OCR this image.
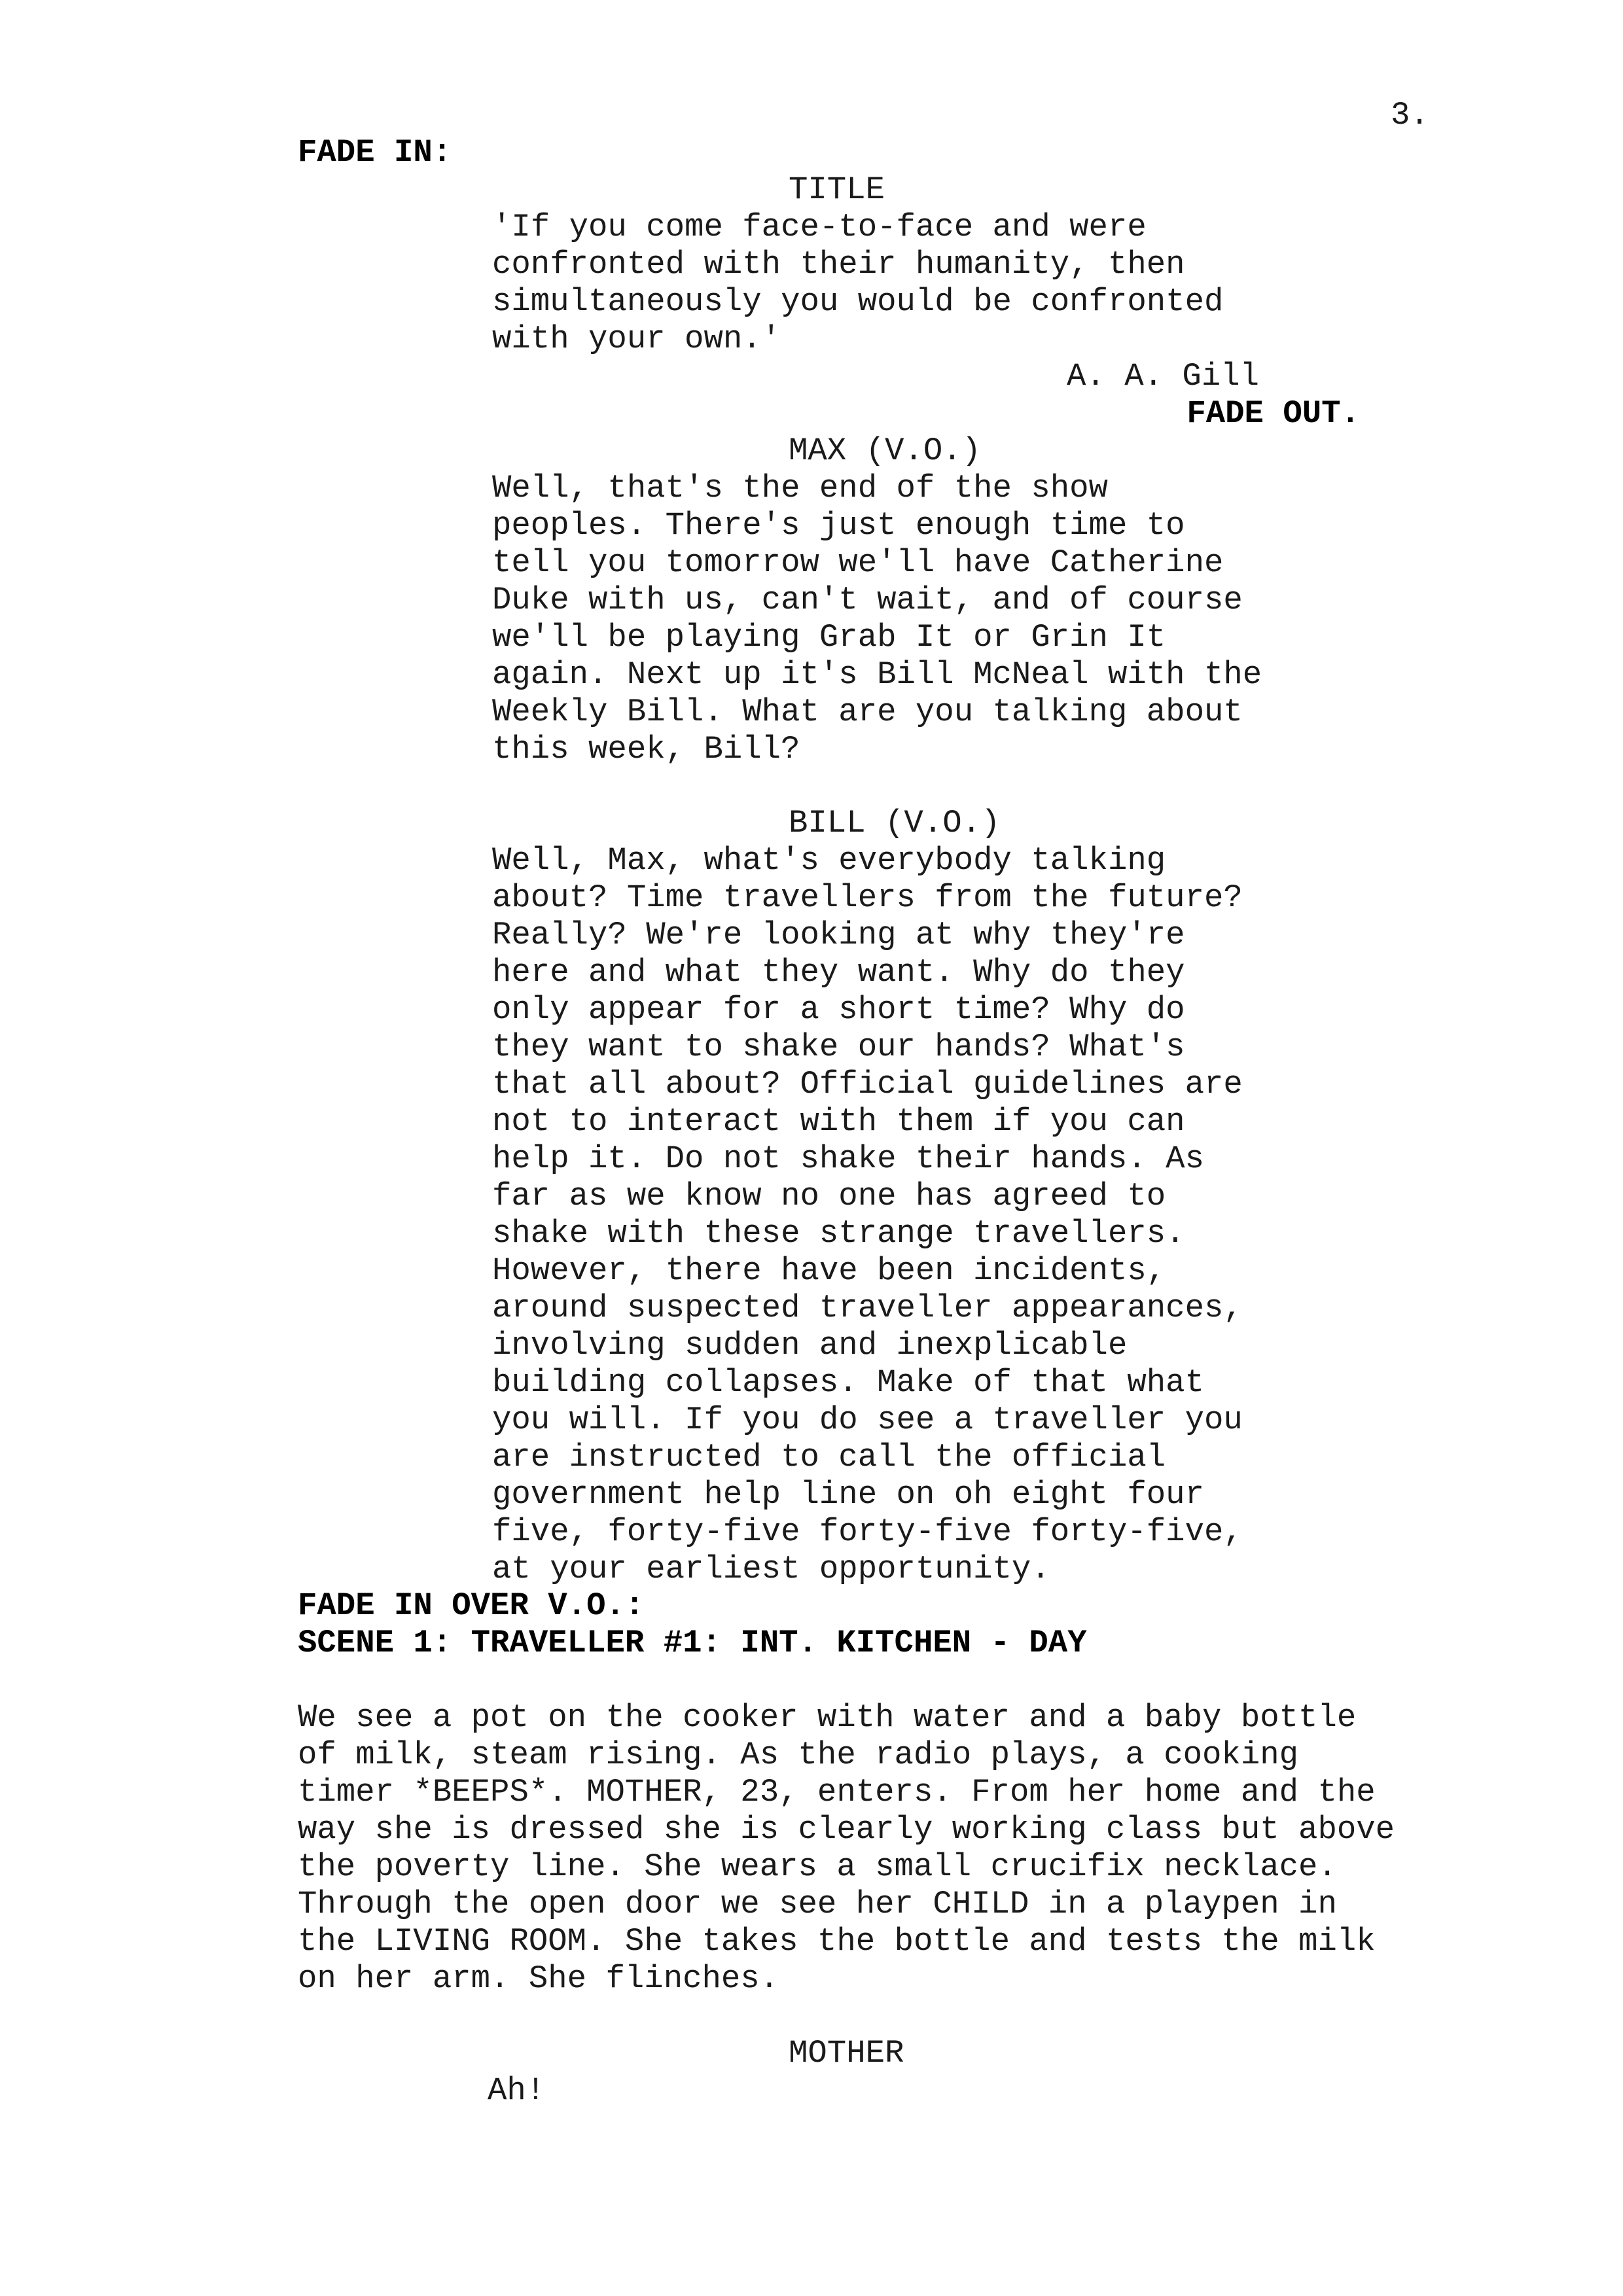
3.
FADE IN:
TITLE
'If you come face-to-face and were
confronted with their humanity, then
simultaneously you would be confronted
with your own.'
A. A. Gill
FADE OUT.
MAX (V.O.)
Well, that's the end of the show
peoples. There's just enough time to
tell you tomorrow we'll have Catherine
Duke with us, can't wait, and of course
we'll be playing Grab It or Grin It
again. Next up it's Bill McNeal with the
Weekly Bill. What are you talking about
this week, Bill?
BILL (V.O.)
Well, Max, what's everybody talking
about? Time travellers from the future?
Really? We're looking at why they're
here and what they want. Why do they
only appear for a short time? Why do
they want to shake our hands? What's
that all about? Official guidelines are
not to interact with them if you can
help it. Do not shake their hands. As
far as we know no one has agreed to
shake with these strange travellers.
However, there have been incidents,
around suspected traveller appearances,
involving sudden and inexplicable
building collapses. Make of that what
you will. If you do see a traveller you
are instructed to call the official
government help line on oh eight four
five, forty-five forty-five forty-five,
at your earliest opportunity.
FADE IN OVER V.O.:
SCENE 1: TRAVELLER #1: INT. KITCHEN - DAY
We see a pot on the cooker with water and a baby bottle
of milk, steam rising. As the radio plays, a cooking
timer *BEEPS*. MOTHER, 23, enters. From her home and the
way she is dressed she is clearly working class but above
the poverty line. She wears a small crucifix necklace.
Through the open door we see her CHILD in a playpen in
the LIVING ROOM. She takes the bottle and tests the milk
on her arm. She flinches.
MOTHER
Ah!
